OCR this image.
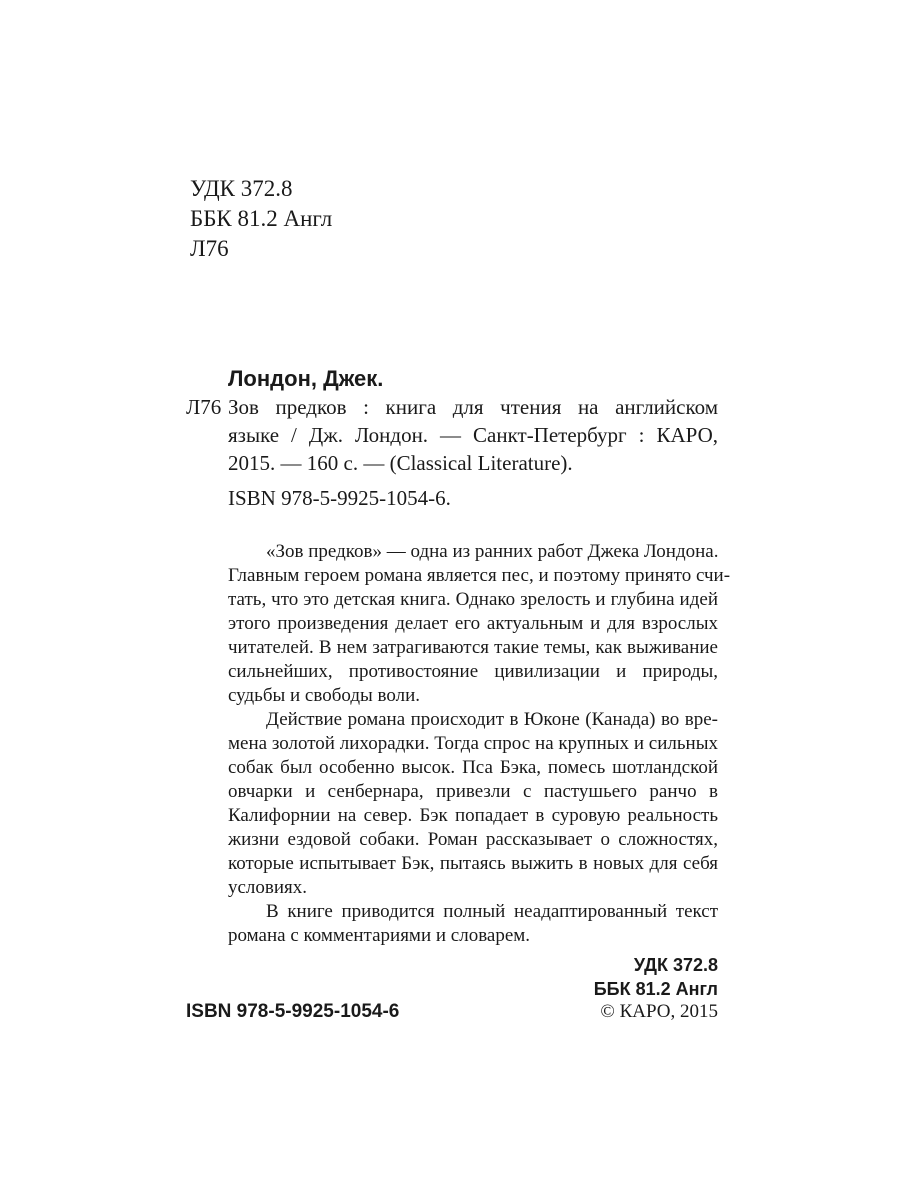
УДК 372.8
ББК 81.2 Англ
Л76
Лондон, Джек.
Л76 Зов предков : книга для чтения на английском
языке / Дж. Лондон. — Санкт-Петербург : КАРО,
2015. — 160 с. — (Classical Literature).
ISBN 978-5-9925-1054-6.
«Зов предков» — одна из ранних работ Джека Лондона.
Главным героем романа является пес, и поэтому принято счи-
тать, что это детская книга. Однако зрелость и глубина идей
этого произведения делает его актуальным и для взрослых
читателей. В нем затрагиваются такие темы, как выживание
сильнейших, противостояние цивилизации и природы,
судьбы и свободы воли.
Действие романа происходит в Юконе (Канада) во вре-
мена золотой лихорадки. Тогда спрос на крупных и сильных
собак был особенно высок. Пса Бэка, помесь шотландской
овчарки и сенбернара, привезли с пастушьего ранчо в
Калифорнии на север. Бэк попадает в суровую реальность
жизни ездовой собаки. Роман рассказывает о сложностях,
которые испытывает Бэк, пытаясь выжить в новых для себя
условиях.
В книге приводится полный неадаптированный текст
романа с комментариями и словарем.
УДК 372.8
ББК 81.2 Англ
ISBN 978-5-9925-1054-6	© КАРО, 2015
